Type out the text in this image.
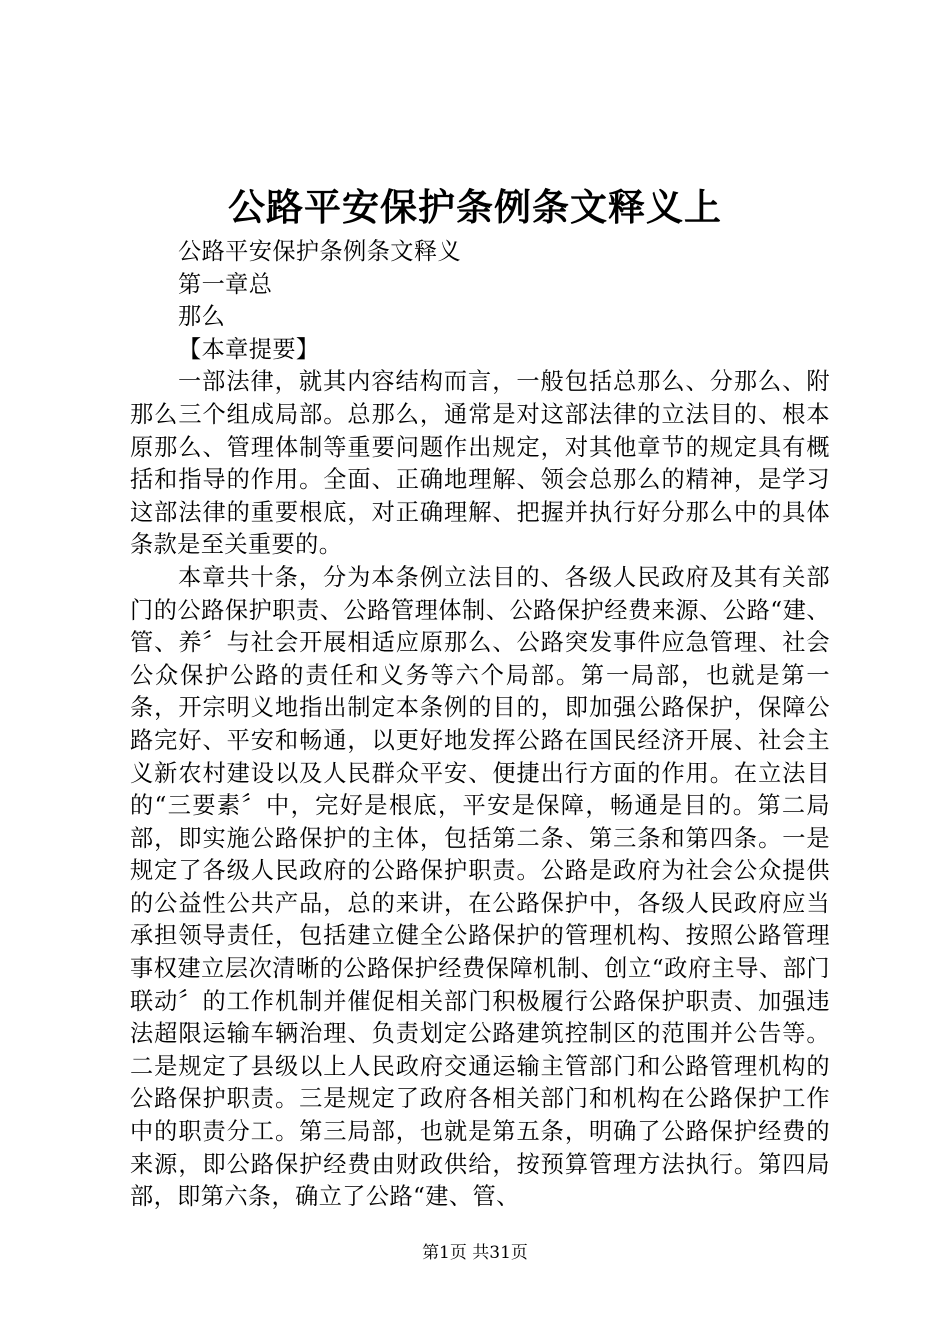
公路平安保护条例条文释义上
公路平安保护条例条文释义
第一章总
那么
【本章提要】

一部法律，就其内容结构而言，一般包括总那么、分那么、附那么三个组成局部。总那么，通常是对这部法律的立法目的、根本原那么、管理体制等重要问题作出规定，对其他章节的规定具有概括和指导的作用。全面、正确地理解、领会总那么的精神，是学习这部法律的重要根底，对正确理解、把握并执行好分那么中的具体条款是至关重要的。

本章共十条，分为本条例立法目的、各级人民政府及其有关部门的公路保护职责、公路管理体制、公路保护经费来源、公路“建、管、养〞与社会开展相适应原那么、公路突发事件应急管理、社会公众保护公路的责任和义务等六个局部。第一局部，也就是第一条，开宗明义地指出制定本条例的目的，即加强公路保护，保障公路完好、平安和畅通，以更好地发挥公路在国民经济开展、社会主义新农村建设以及人民群众平安、便捷出行方面的作用。在立法目的“三要素〞中，完好是根底，平安是保障，畅通是目的。第二局部，即实施公路保护的主体，包括第二条、第三条和第四条。一是规定了各级人民政府的公路保护职责。公路是政府为社会公众提供的公益性公共产品，总的来讲，在公路保护中，各级人民政府应当承担领导责任，包括建立健全公路保护的管理机构、按照公路管理事权建立层次清晰的公路保护经费保障机制、创立“政府主导、部门联动〞的工作机制并催促相关部门积极履行公路保护职责、加强违法超限运输车辆治理、负责划定公路建筑控制区的范围并公告等。二是规定了县级以上人民政府交通运输主管部门和公路管理机构的公路保护职责。三是规定了政府各相关部门和机构在公路保护工作中的职责分工。第三局部，也就是第五条，明确了公路保护经费的来源，即公路保护经费由财政供给，按预算管理方法执行。第四局部，即第六条，确立了公路“建、管、

第1页 共31页
